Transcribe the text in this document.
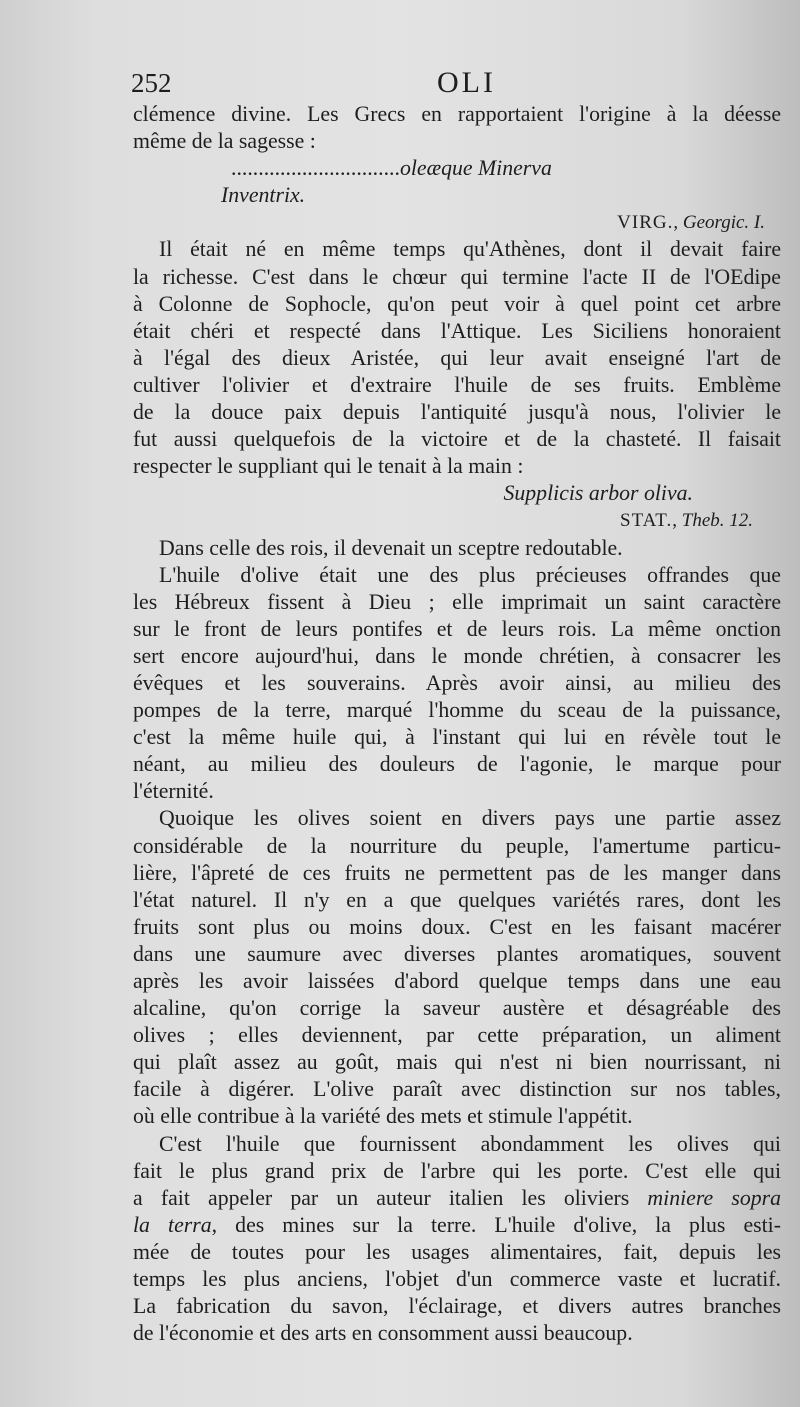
252	OLI
clémence divine. Les Grecs en rapportaient l'origine à la déesse
même de la sagesse :
...............................oleæque Minerva
Inventrix.
VIRG., Georgic. I.
Il était né en même temps qu'Athènes, dont il devait faire
la richesse. C'est dans le chœur qui termine l'acte II de l'OEdipe
à Colonne de Sophocle, qu'on peut voir à quel point cet arbre
était chéri et respecté dans l'Attique. Les Siciliens honoraient
à l'égal des dieux Aristée, qui leur avait enseigné l'art de
cultiver l'olivier et d'extraire l'huile de ses fruits. Emblème
de la douce paix depuis l'antiquité jusqu'à nous, l'olivier le
fut aussi quelquefois de la victoire et de la chasteté. Il faisait
respecter le suppliant qui le tenait à la main :
Supplicis arbor oliva.
STAT., Theb. 12.
Dans celle des rois, il devenait un sceptre redoutable.
L'huile d'olive était une des plus précieuses offrandes que
les Hébreux fissent à Dieu ; elle imprimait un saint caractère
sur le front de leurs pontifes et de leurs rois. La même onction
sert encore aujourd'hui, dans le monde chrétien, à consacrer les
évêques et les souverains. Après avoir ainsi, au milieu des
pompes de la terre, marqué l'homme du sceau de la puissance,
c'est la même huile qui, à l'instant qui lui en révèle tout le
néant, au milieu des douleurs de l'agonie, le marque pour
l'éternité.
Quoique les olives soient en divers pays une partie assez
considérable de la nourriture du peuple, l'amertume particu-
lière, l'âpreté de ces fruits ne permettent pas de les manger dans
l'état naturel. Il n'y en a que quelques variétés rares, dont les
fruits sont plus ou moins doux. C'est en les faisant macérer
dans une saumure avec diverses plantes aromatiques, souvent
après les avoir laissées d'abord quelque temps dans une eau
alcaline, qu'on corrige la saveur austère et désagréable des
olives ; elles deviennent, par cette préparation, un aliment
qui plaît assez au goût, mais qui n'est ni bien nourrissant, ni
facile à digérer. L'olive paraît avec distinction sur nos tables,
où elle contribue à la variété des mets et stimule l'appétit.
C'est l'huile que fournissent abondamment les olives qui
fait le plus grand prix de l'arbre qui les porte. C'est elle qui
a fait appeler par un auteur italien les oliviers miniere sopra
la terra, des mines sur la terre. L'huile d'olive, la plus esti-
mée de toutes pour les usages alimentaires, fait, depuis les
temps les plus anciens, l'objet d'un commerce vaste et lucratif.
La fabrication du savon, l'éclairage, et divers autres branches
de l'économie et des arts en consomment aussi beaucoup.
